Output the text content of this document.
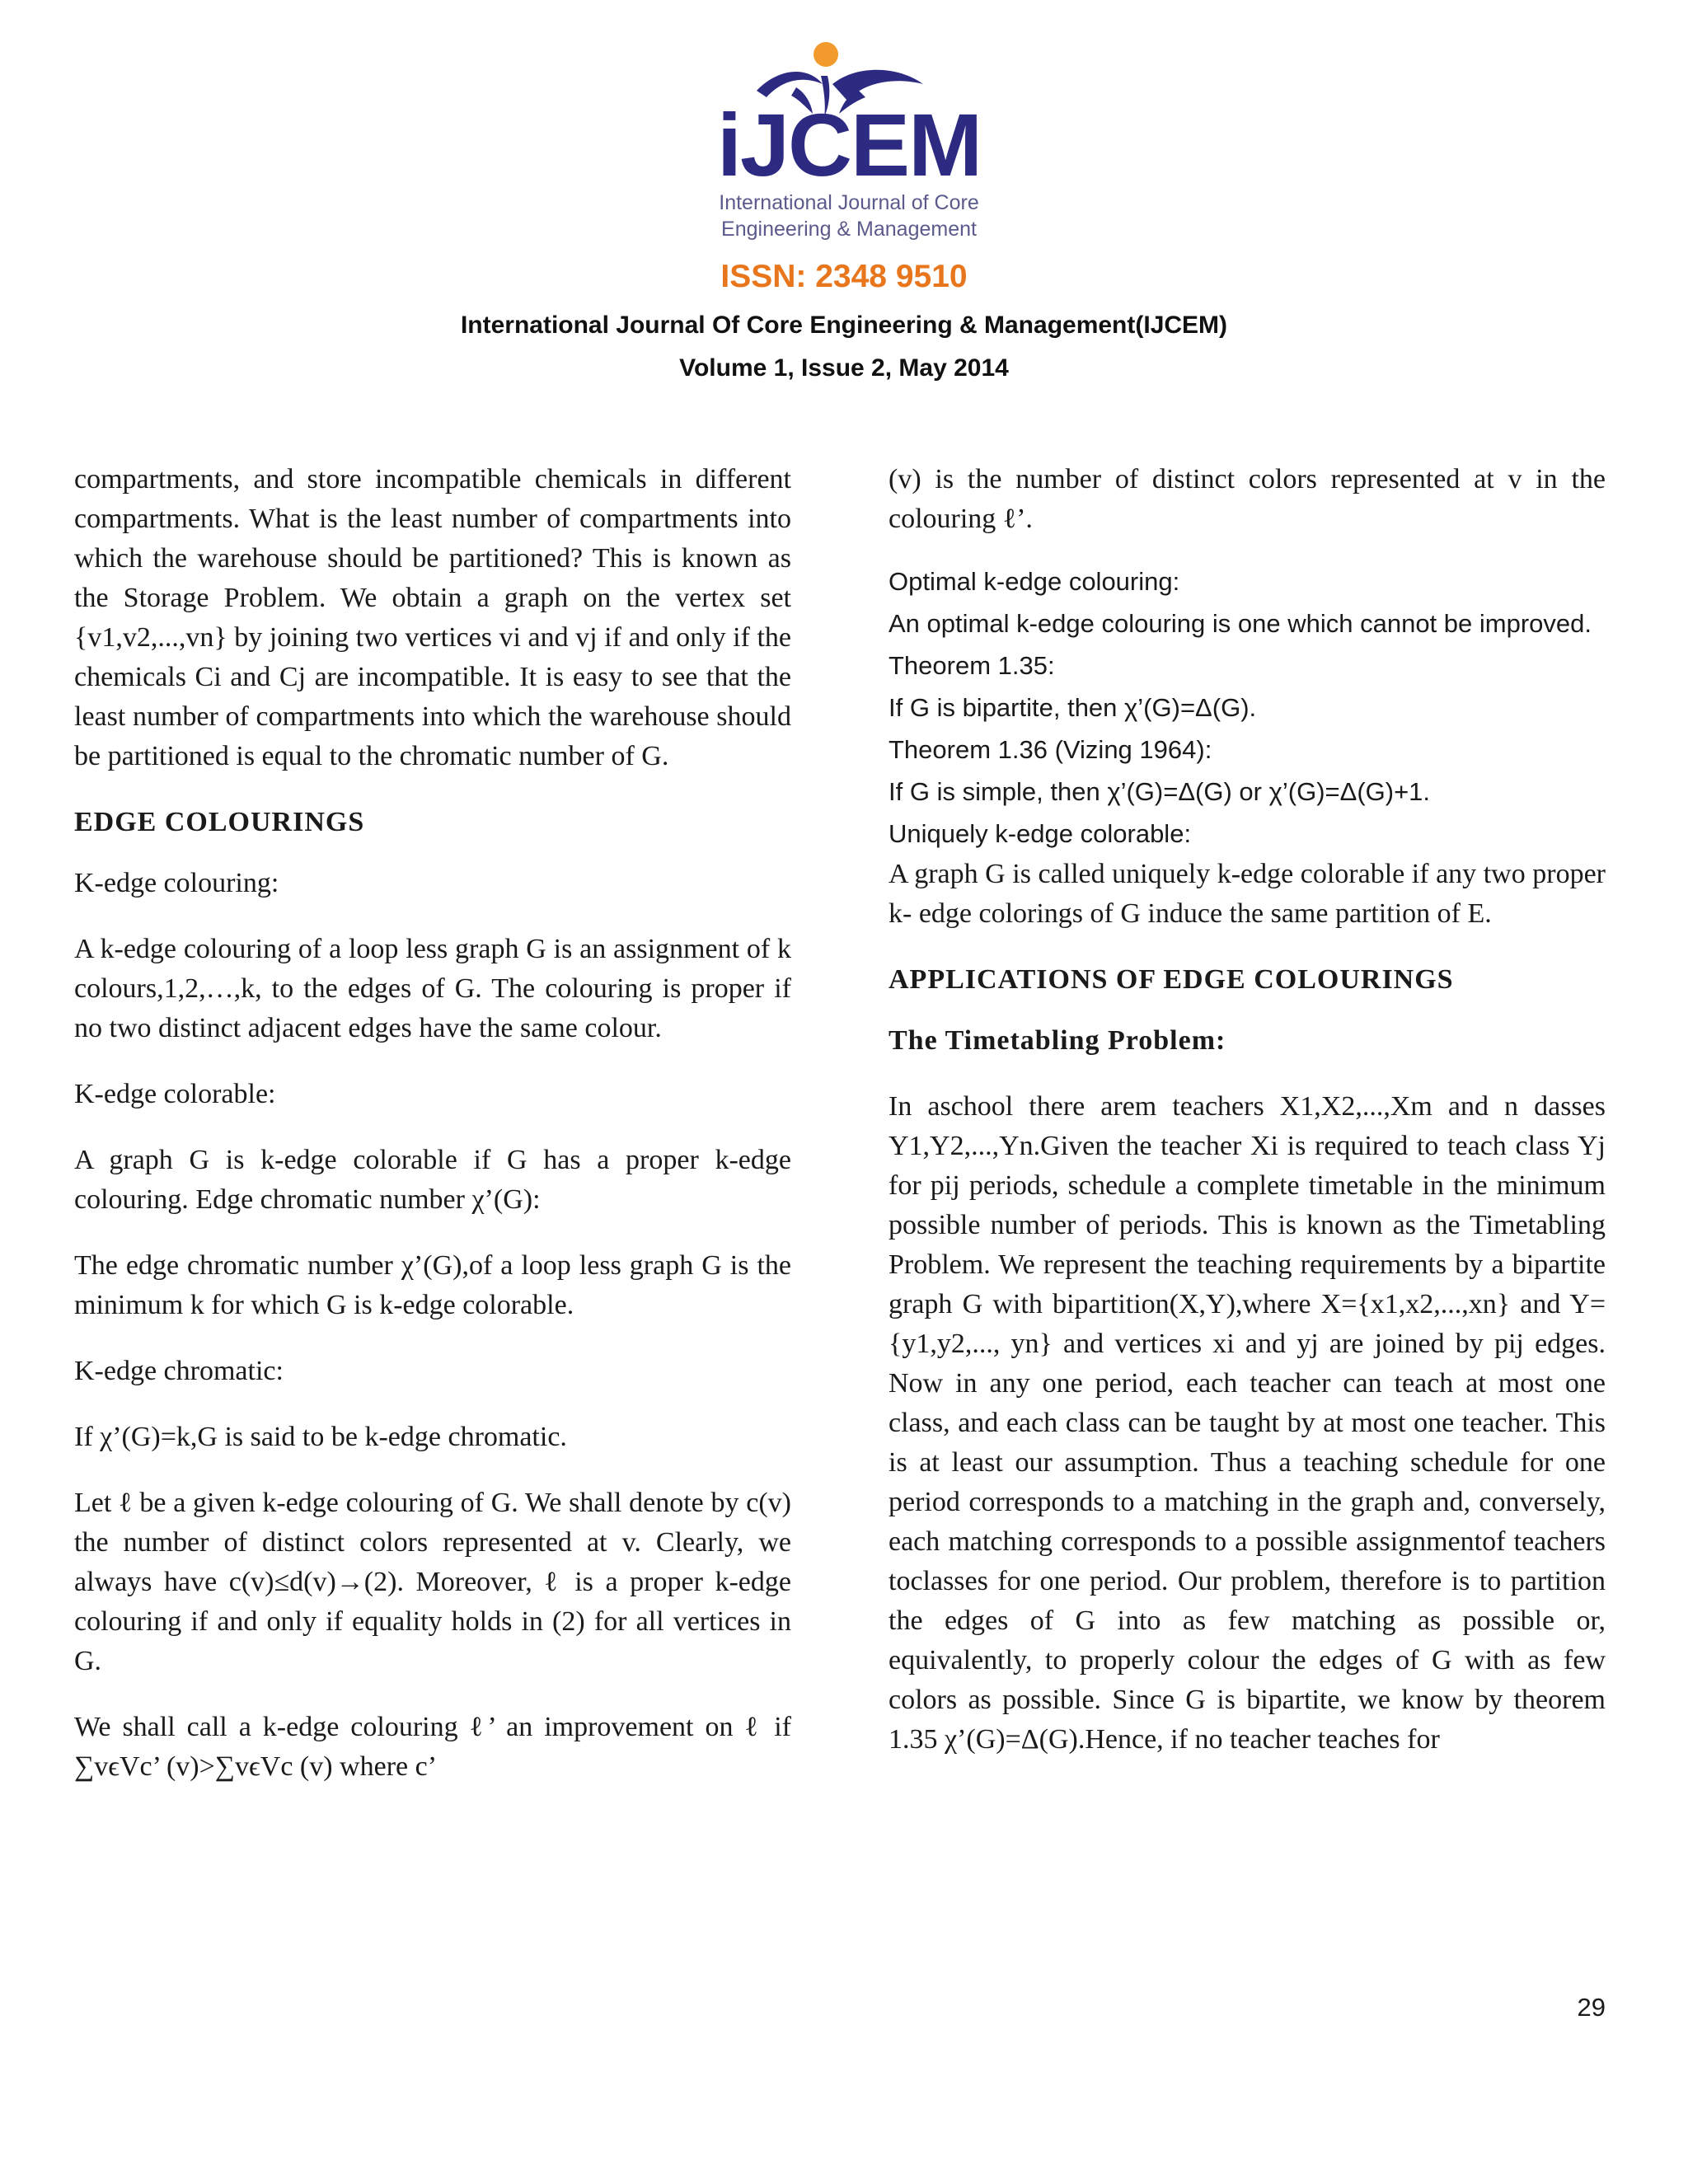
iJCEM
International Journal of Core
Engineering & Management
ISSN: 2348 9510
International Journal Of Core Engineering & Management(IJCEM)
Volume 1, Issue 2, May 2014

compartments, and store incompatible chemicals in different compartments. What is the least number of compartments into which the warehouse should be partitioned? This is known as the Storage Problem. We obtain a graph on the vertex set {v1,v2,...,vn} by joining two vertices vi and vj if and only if the chemicals Ci and Cj are incompatible. It is easy to see that the least number of compartments into which the warehouse should be partitioned is equal to the chromatic number of G.

EDGE COLOURINGS

K-edge colouring:

A k-edge colouring of a loop less graph G is an assignment of k colours,1,2,…,k, to the edges of G. The colouring is proper if no two distinct adjacent edges have the same colour.

K-edge colorable:

A graph G is k-edge colorable if G has a proper k-edge colouring. Edge chromatic number χ’(G):

The edge chromatic number χ’(G),of a loop less graph G is the minimum k for which G is k-edge colorable.

K-edge chromatic:

If χ’(G)=k,G is said to be k-edge chromatic.

Let ℓ be a given k-edge colouring of G. We shall denote by c(v) the number of distinct colors represented at v. Clearly, we always have c(v)≤d(v)→(2). Moreover, ℓ is a proper k-edge colouring if and only if equality holds in (2) for all vertices in G.

We shall call a k-edge colouring ℓ’ an improvement on ℓ if ∑vϵVc’ (v)>∑vϵVc (v) where c’

(v) is the number of distinct colors represented at v in the colouring ℓ’.

Optimal k-edge colouring:

An optimal k-edge colouring is one which cannot be improved.

Theorem 1.35:

If G is bipartite, then χ’(G)=Δ(G).

Theorem 1.36 (Vizing 1964):

If G is simple, then χ’(G)=Δ(G) or χ’(G)=Δ(G)+1.

Uniquely k-edge colorable:

A graph G is called uniquely k-edge colorable if any two proper k- edge colorings of G induce the same partition of E.

APPLICATIONS OF EDGE COLOURINGS
The Timetabling Problem:

In aschool there arem teachers X1,X2,...,Xm and n dasses Y1,Y2,...,Yn.Given the teacher Xi is required to teach class Yj for pij periods, schedule a complete timetable in the minimum possible number of periods. This is known as the Timetabling Problem. We represent the teaching requirements by a bipartite graph G with bipartition(X,Y),where X={x1,x2,...,xn} and Y={y1,y2,..., yn} and vertices xi and yj are joined by pij edges. Now in any one period, each teacher can teach at most one class, and each class can be taught by at most one teacher. This is at least our assumption. Thus a teaching schedule for one period corresponds to a matching in the graph and, conversely, each matching corresponds to a possible assignmentof teachers toclasses for one period. Our problem, therefore is to partition the edges of G into as few matching as possible or, equivalently, to properly colour the edges of G with as few colors as possible. Since G is bipartite, we know by theorem 1.35 χ’(G)=Δ(G).Hence, if no teacher teaches for

29
